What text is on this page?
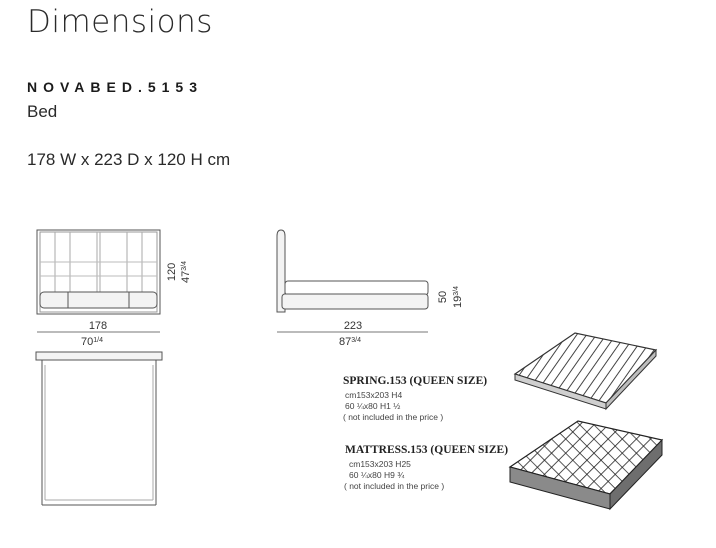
Dimensions
NOVABED.5153
Bed
178 W x 223 D x 120 H cm
178
$70^{1/4}$
120 $47^{3/4}$
223
$87^{3/4}$
50 $19^{3/4}$
SPRING.153 (QUEEN SIZE)
cm153x203 H4
60 ¼x80 H1 ½
( not included in the price )
MATTRESS.153 (QUEEN SIZE)
cm153x203 H25
60 ¼x80 H9 ¾
( not included in the price )
